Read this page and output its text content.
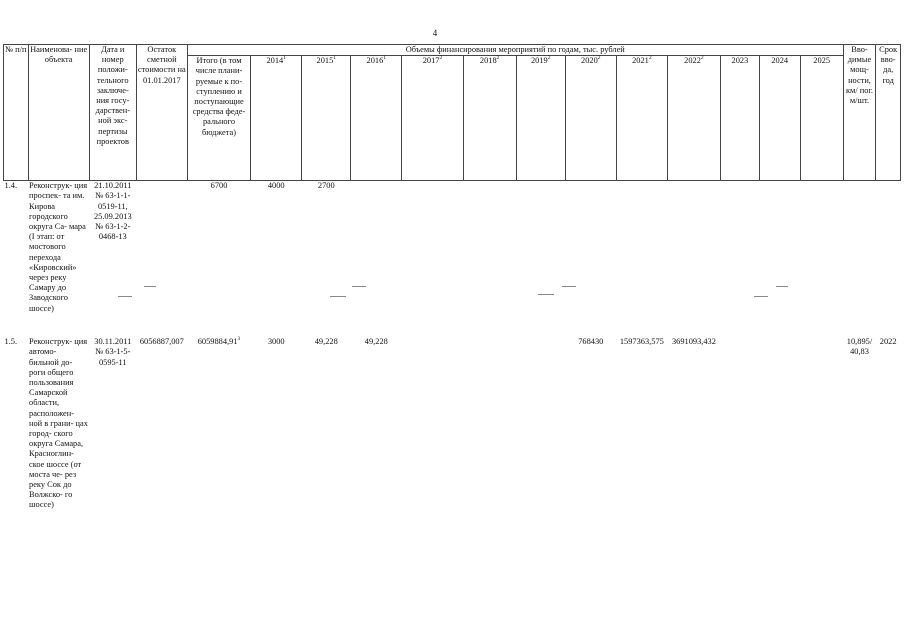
4
№ п/п	Наименова- ние объекта	Дата и номер положи- тельного заключе- ния госу- дарствен- ной экс- пертизы проектов	Остаток сметной стоимости на 01.01.2017	Объемы финансирования мероприятий по годам, тыс. рублей													Вво- димые мощ- ности, км/ пог. м/шт.	Срок вво- да, год
				Итого (в том числе плани- руемые к по- ступлению и поступающие средства феде- рального бюджета)	2014$^1$	2015$^1$	2016$^1$	2017$^2$	2018$^2$	2019$^2$	2020$^2$	2021$^2$	2022$^2$	2023	2024	2025		
1.4.	Реконструк- ция проспек- та им. Кирова городского округа Са- мара (I этап: от мостового перехода «Кировский» через реку Самару до Заводского шоссе)	21.10.2011 № 63-1-1- 0519-11, 25.09.2013 № 63-1-2- 0468-13		6700	4000	2700												
1.5.	Реконструк- ция автомо- бильной до- роги общего пользования Самарской области, расположен- ной в грани- цах город- ского округа Самара, Красноглин- ское шоссе (от моста че- рез реку Сок до Волжско- го шоссе)	30.11.2011 № 63-1-5- 0595-11	6056887,007	6059884,91$^3$	3000	49,228	49,228				768430	1597363,575	3691093,432				10,895/ 40,83	2022
